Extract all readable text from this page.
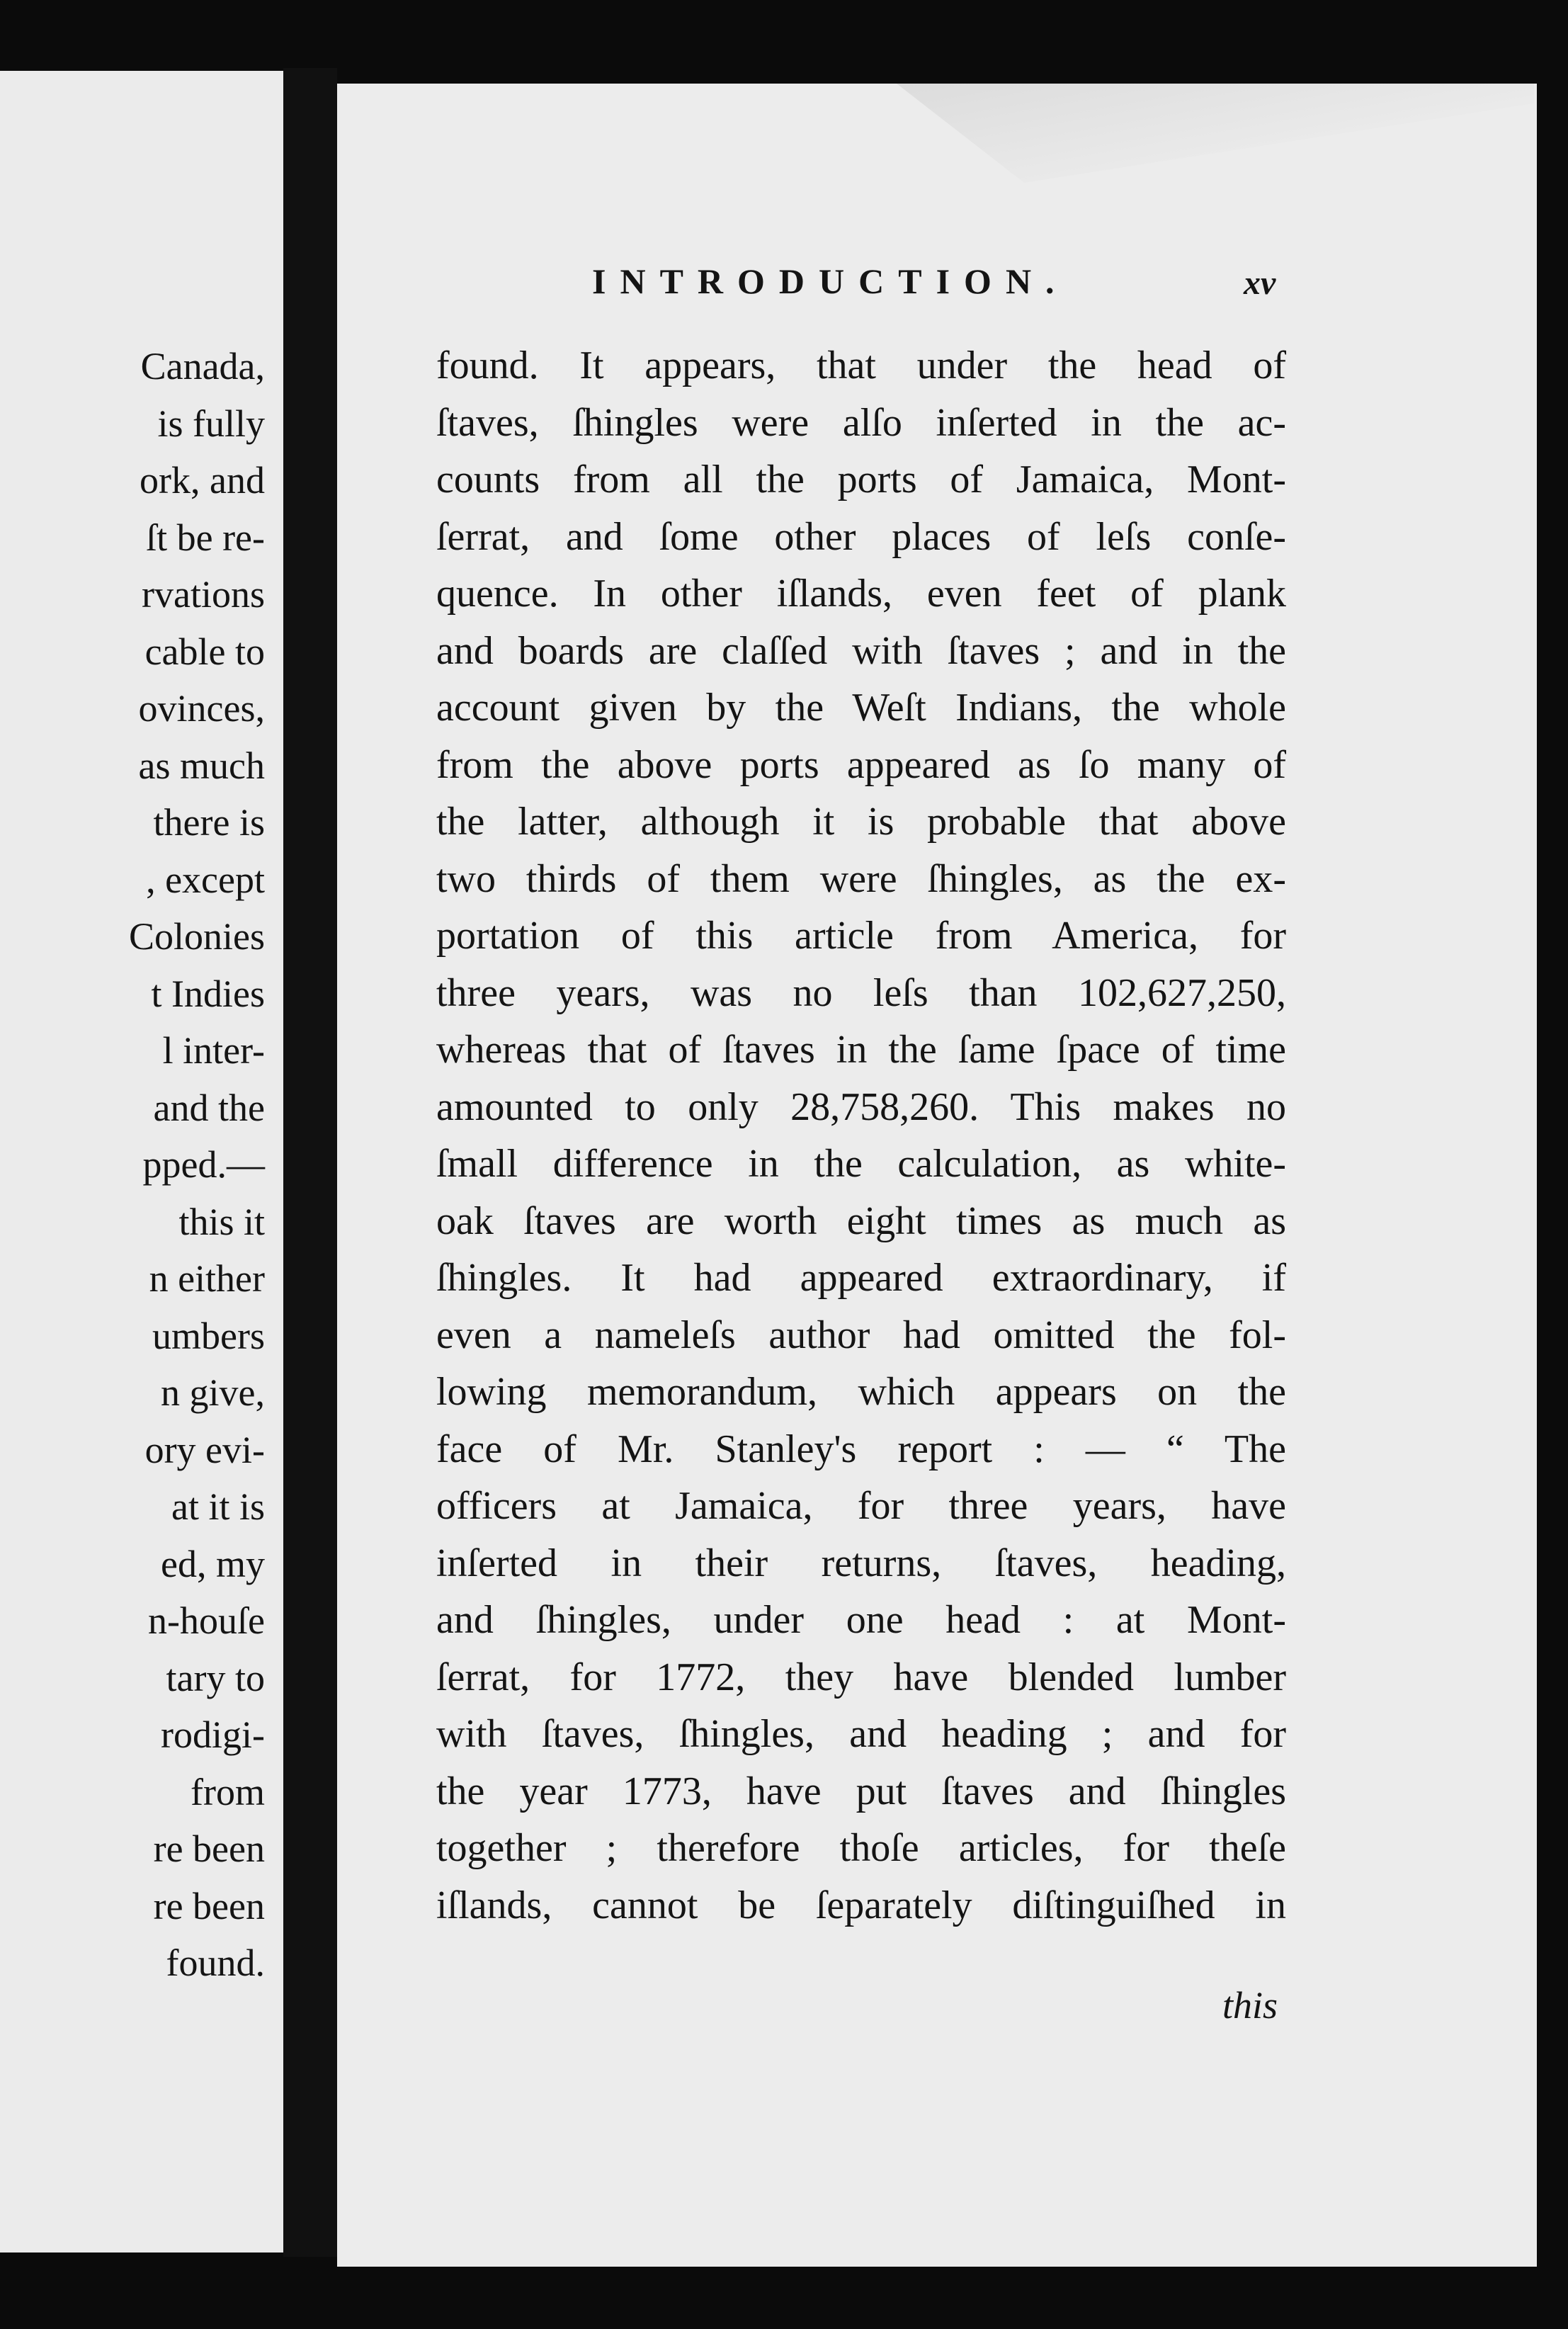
Canada,
is fully
ork, and
ſt be re-
rvations
cable to
ovinces,
as much
there is
, except
Colonies
t Indies
l inter-
and the
pped.—
this it
n either
umbers
n give,
ory evi-
at it is
ed, my
n-houſe
tary to
rodigi-
from
re been
re been
found.
INTRODUCTION.	xv
this
found. It appears, that under the head of
ſtaves, ſhingles were alſo inſerted in the ac-
counts from all the ports of Jamaica, Mont-
ſerrat, and ſome other places of leſs conſe-
quence. In other iſlands, even feet of plank
and boards are claſſed with ſtaves ; and in the
account given by the Weſt Indians, the whole
from the above ports appeared as ſo many of
the latter, although it is probable that above
two thirds of them were ſhingles, as the ex-
portation of this article from America, for
three years, was no leſs than 102,627,250,
whereas that of ſtaves in the ſame ſpace of time
amounted to only 28,758,260. This makes no
ſmall difference in the calculation, as white-
oak ſtaves are worth eight times as much as
ſhingles. It had appeared extraordinary, if
even a nameleſs author had omitted the fol-
lowing memorandum, which appears on the
face of Mr. Stanley's report : — “ The
officers at Jamaica, for three years, have
inſerted in their returns, ſtaves, heading,
and ſhingles, under one head : at Mont-
ſerrat, for 1772, they have blended lumber
with ſtaves, ſhingles, and heading ; and for
the year 1773, have put ſtaves and ſhingles
together ; therefore thoſe articles, for theſe
iſlands, cannot be ſeparately diſtinguiſhed in
